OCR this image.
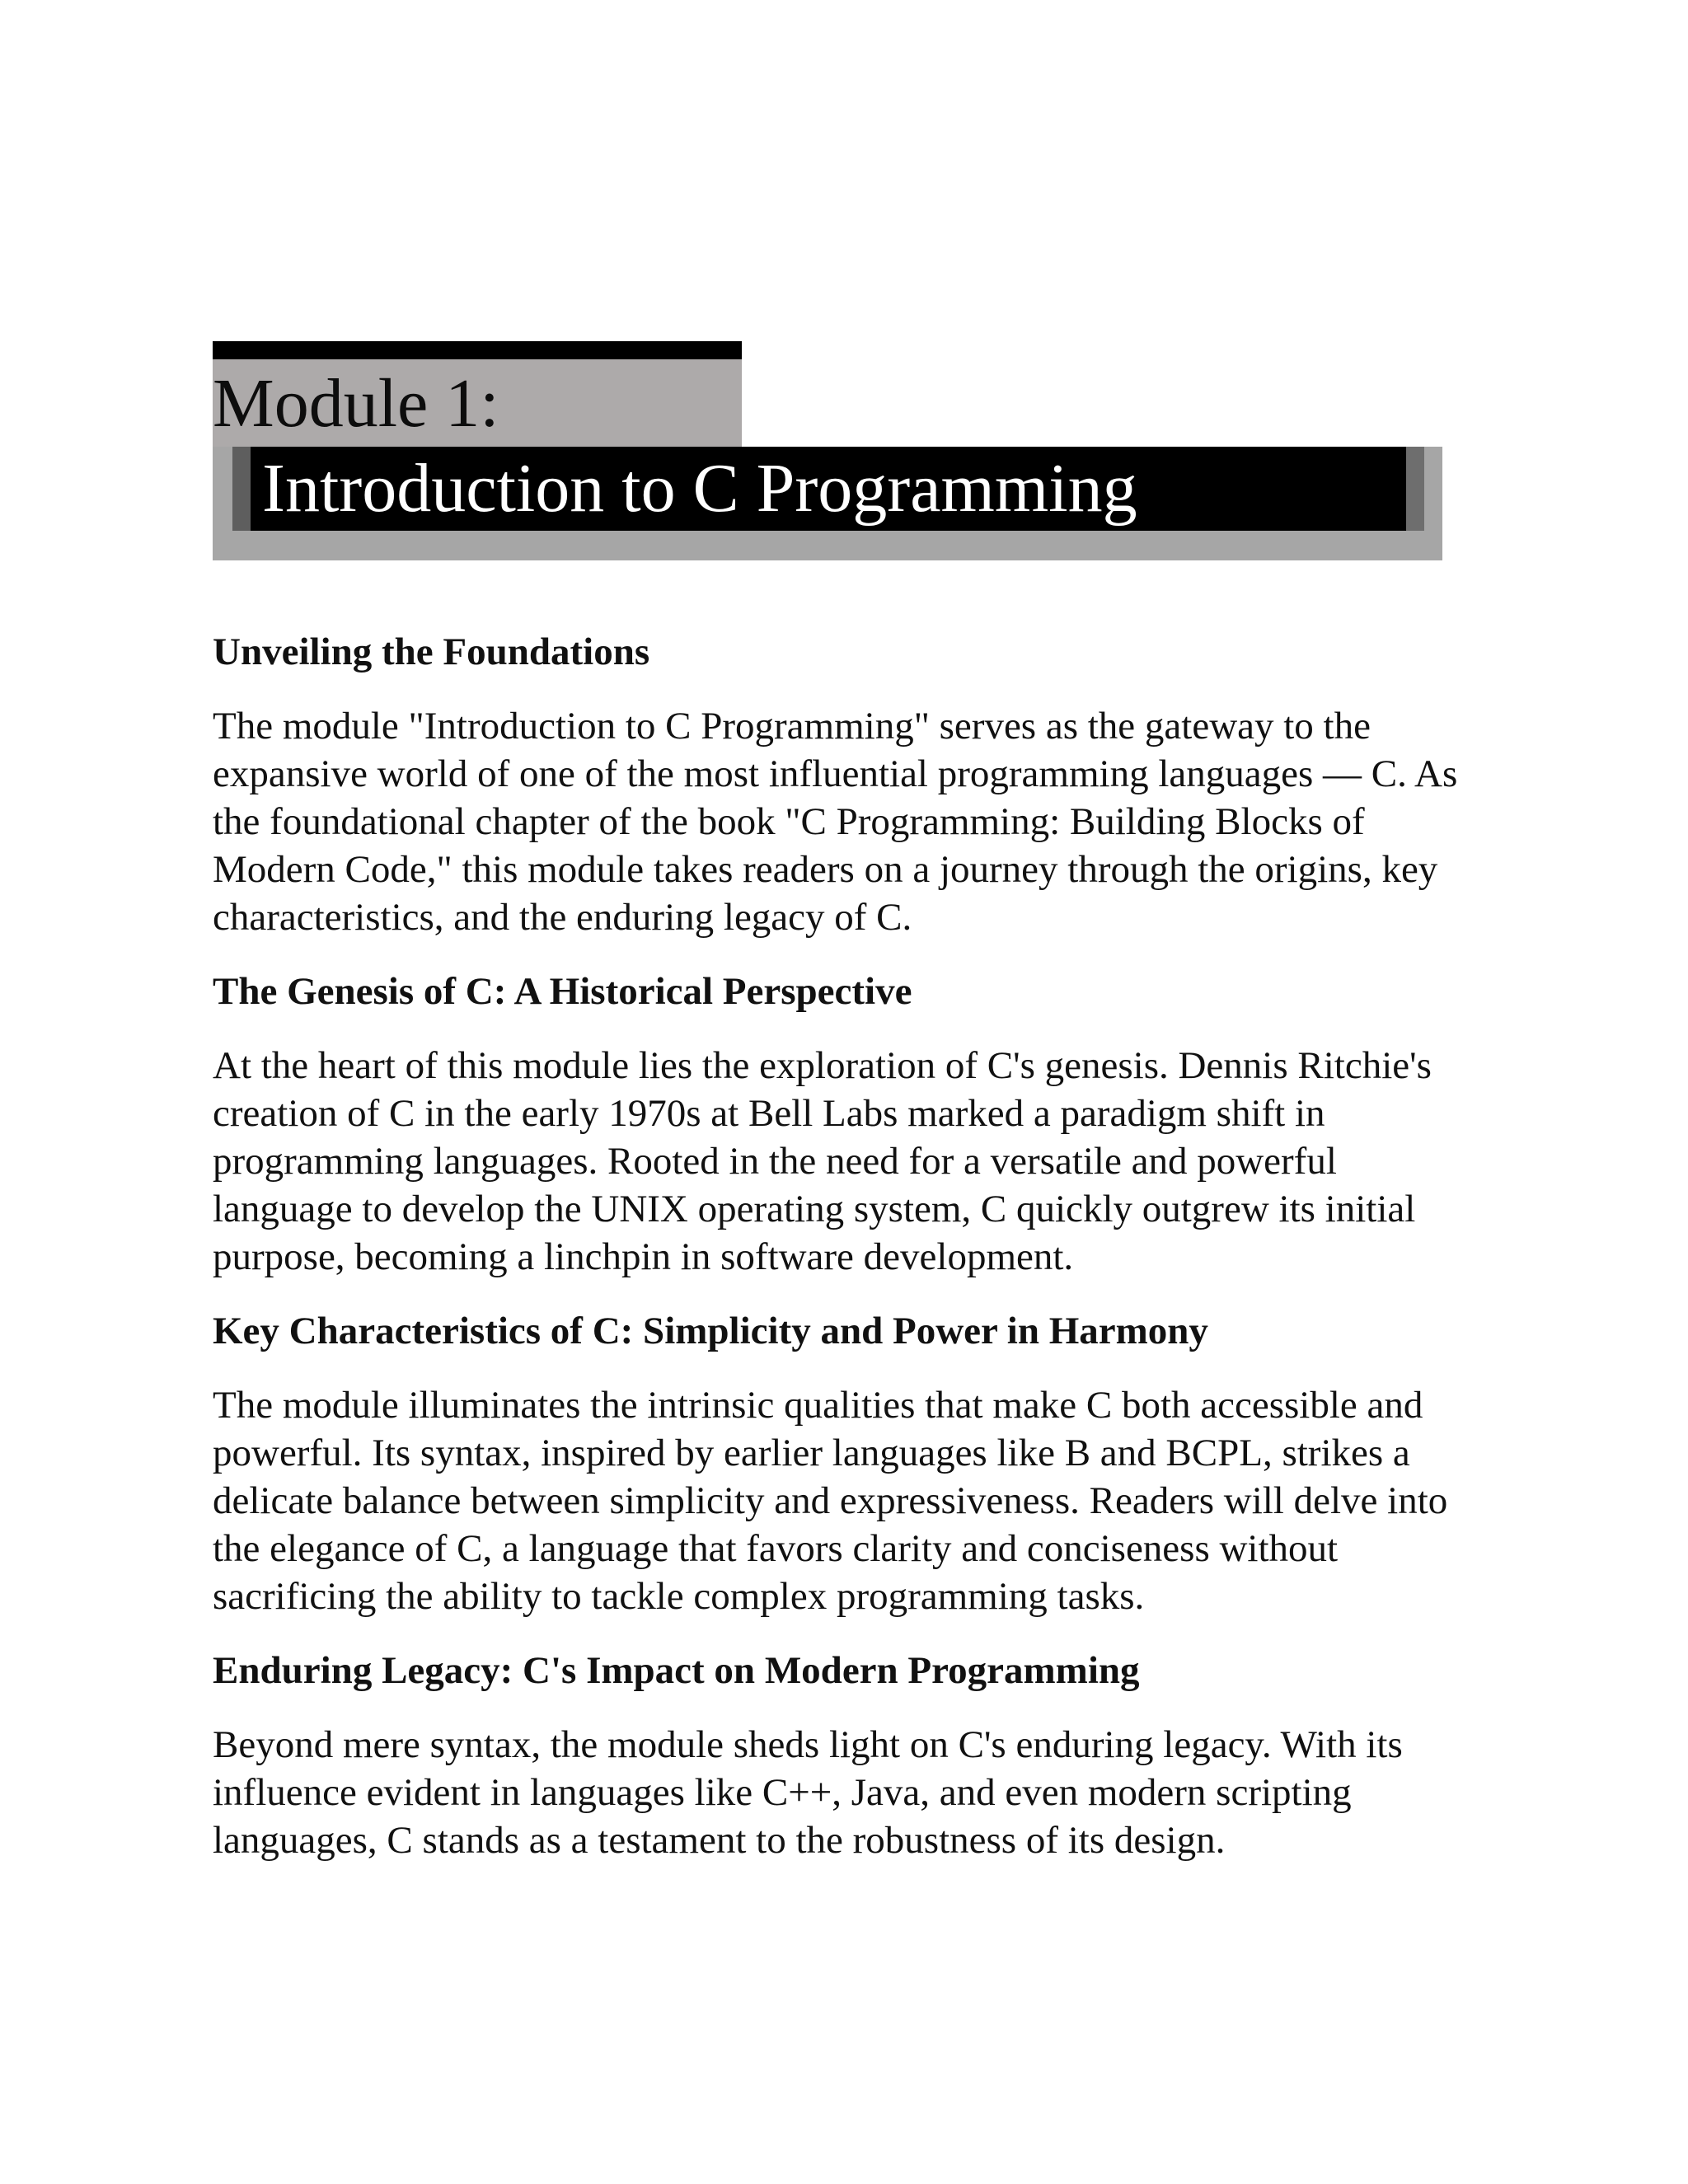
Module 1:
Introduction to C Programming
Unveiling the Foundations

The module "Introduction to C Programming" serves as the gateway to the expansive world of one of the most influential programming languages — C. As the foundational chapter of the book "C Programming: Building Blocks of Modern Code," this module takes readers on a journey through the origins, key characteristics, and the enduring legacy of C.

The Genesis of C: A Historical Perspective

At the heart of this module lies the exploration of C's genesis. Dennis Ritchie's creation of C in the early 1970s at Bell Labs marked a paradigm shift in programming languages. Rooted in the need for a versatile and powerful language to develop the UNIX operating system, C quickly outgrew its initial purpose, becoming a linchpin in software development.

Key Characteristics of C: Simplicity and Power in Harmony

The module illuminates the intrinsic qualities that make C both accessible and powerful. Its syntax, inspired by earlier languages like B and BCPL, strikes a delicate balance between simplicity and expressiveness. Readers will delve into the elegance of C, a language that favors clarity and conciseness without sacrificing the ability to tackle complex programming tasks.

Enduring Legacy: C's Impact on Modern Programming

Beyond mere syntax, the module sheds light on C's enduring legacy. With its influence evident in languages like C++, Java, and even modern scripting languages, C stands as a testament to the robustness of its design.
